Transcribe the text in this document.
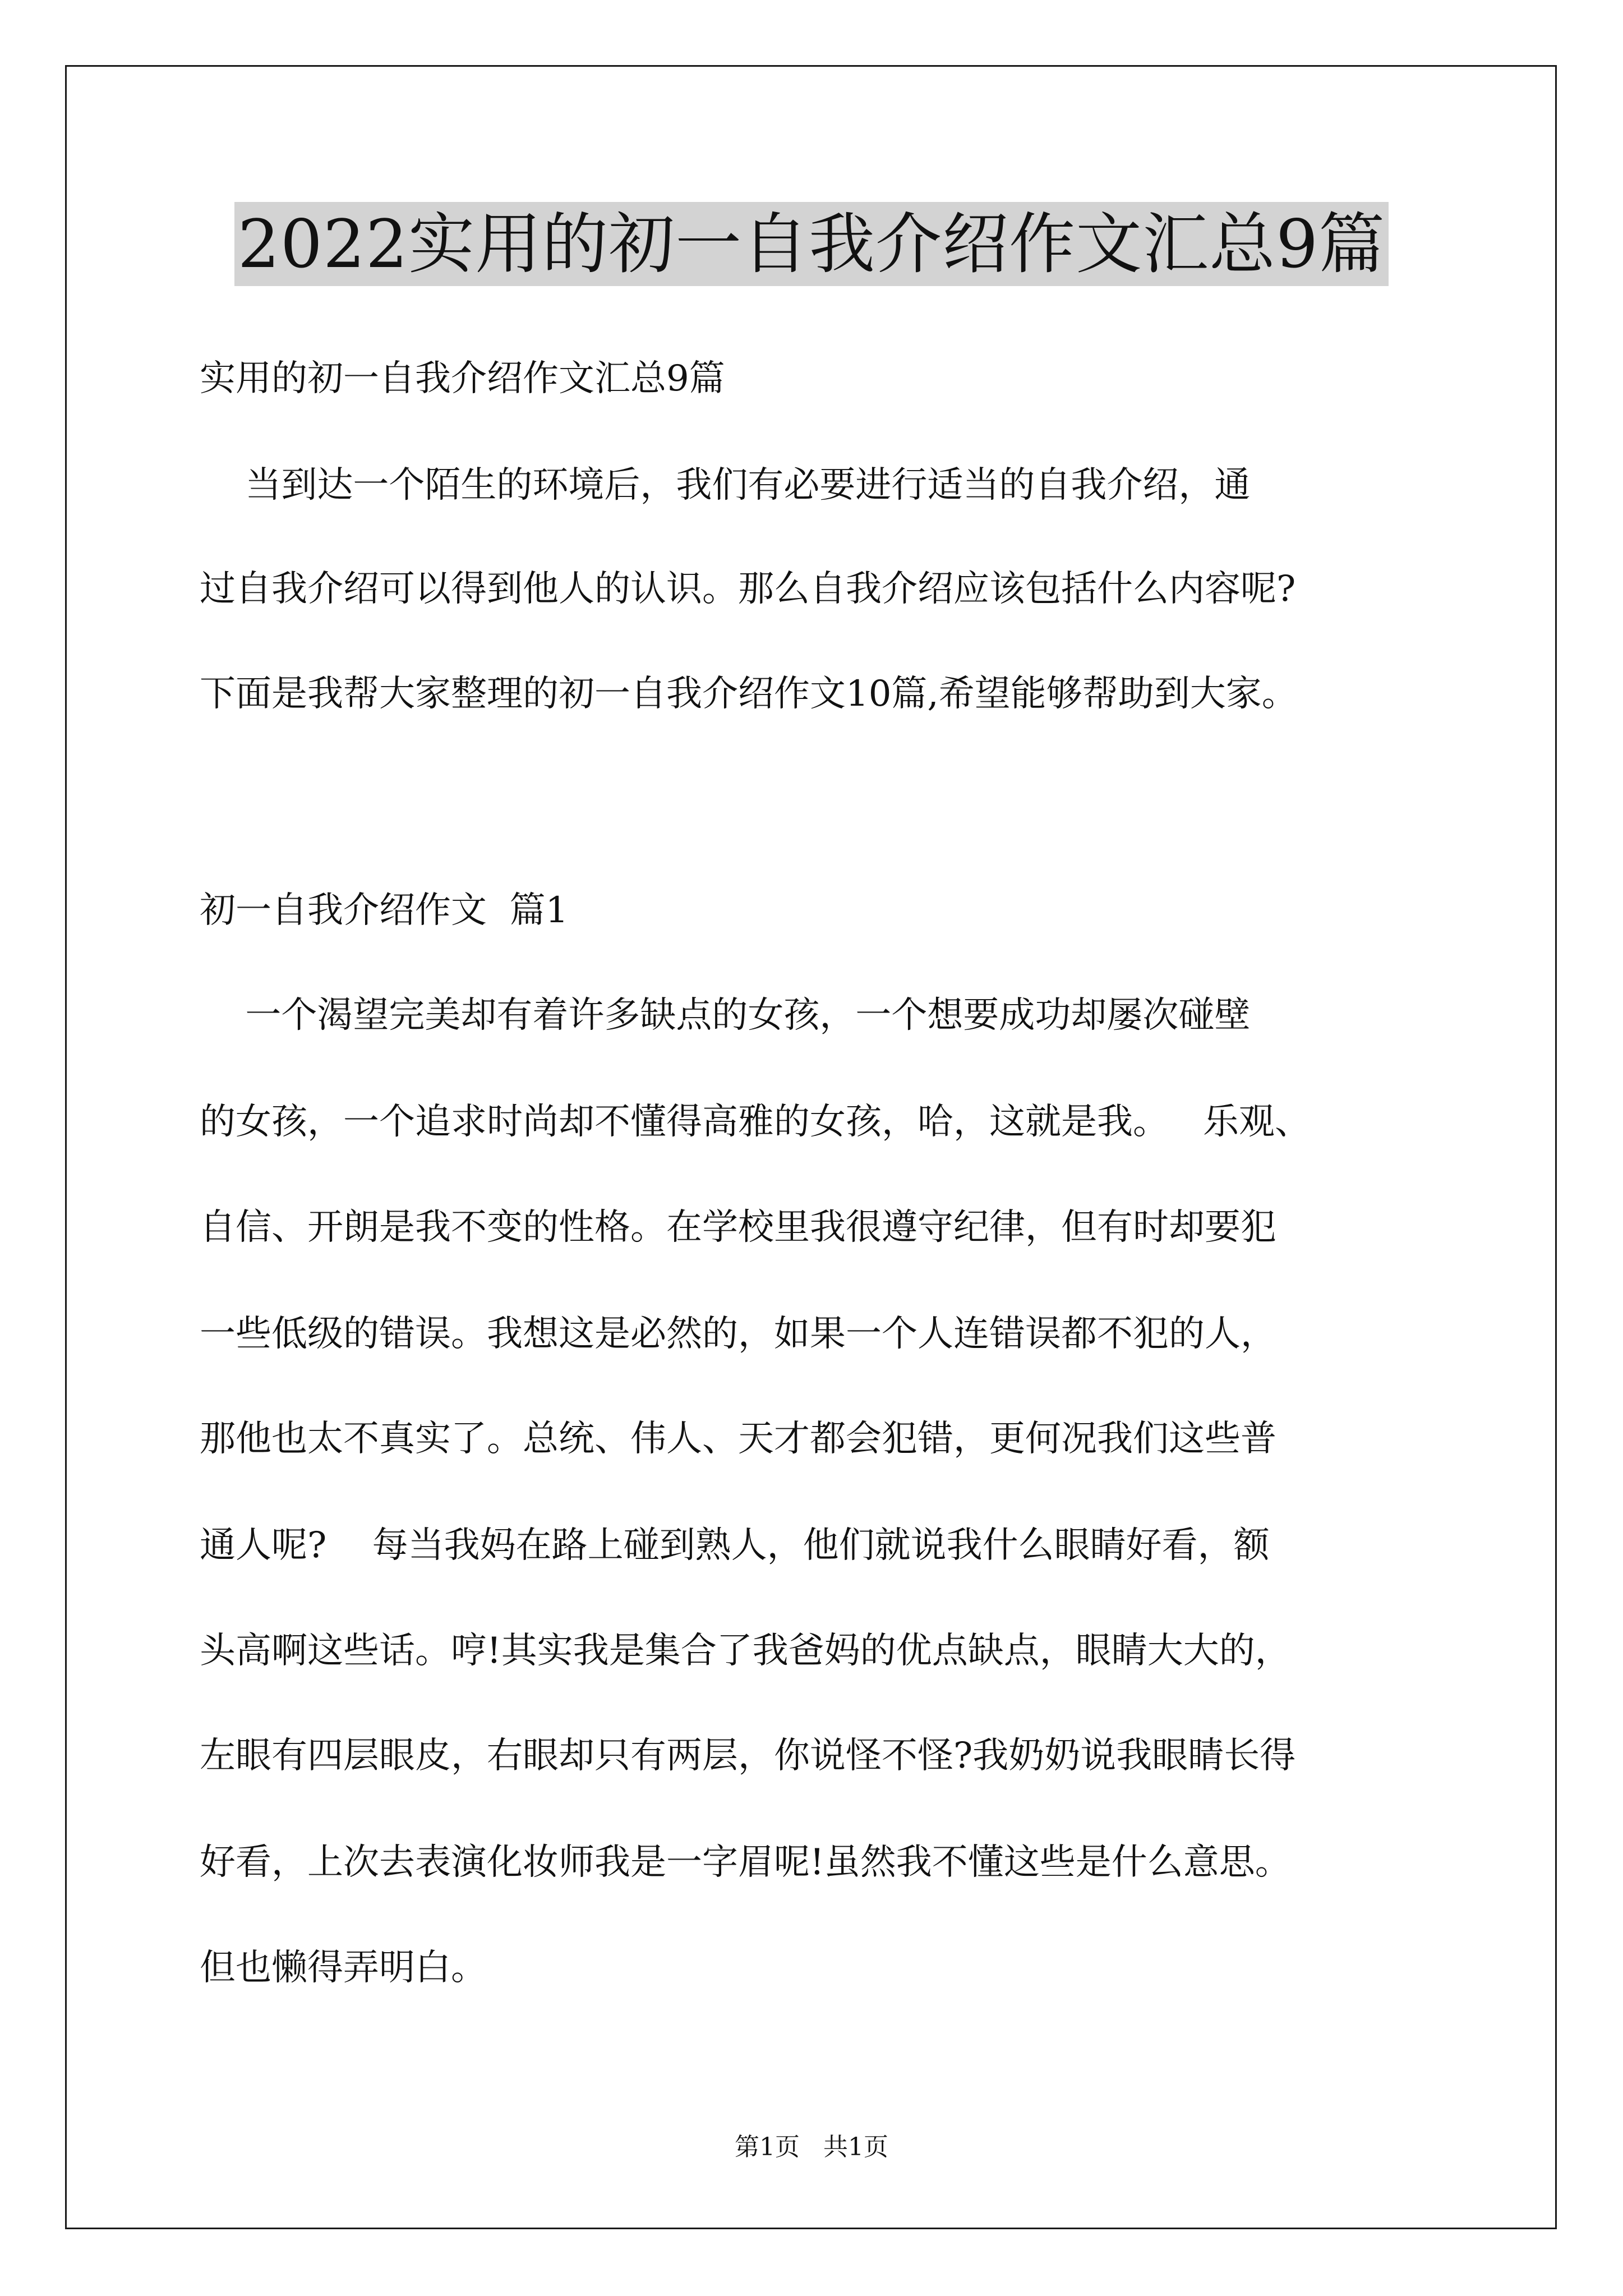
2022实用的初一自我介绍作文汇总9篇
实用的初一自我介绍作文汇总9篇
当到达一个陌生的环境后，我们有必要进行适当的自我介绍，通
过自我介绍可以得到他人的认识。那么自我介绍应该包括什么内容呢?
下面是我帮大家整理的初一自我介绍作文10篇,希望能够帮助到大家。
初一自我介绍作文  篇1
一个渴望完美却有着许多缺点的女孩，一个想要成功却屡次碰壁
的女孩，一个追求时尚却不懂得高雅的女孩，哈，这就是我。   乐观、
自信、开朗是我不变的性格。在学校里我很遵守纪律，但有时却要犯
一些低级的错误。我想这是必然的，如果一个人连错误都不犯的人，
那他也太不真实了。总统、伟人、天才都会犯错，更何况我们这些普
通人呢?    每当我妈在路上碰到熟人，他们就说我什么眼睛好看，额
头高啊这些话。哼!其实我是集合了我爸妈的优点缺点，眼睛大大的，
左眼有四层眼皮，右眼却只有两层，你说怪不怪?我奶奶说我眼睛长得
好看，上次去表演化妆师我是一字眉呢!虽然我不懂这些是什么意思。
但也懒得弄明白。
第1页   共1页
